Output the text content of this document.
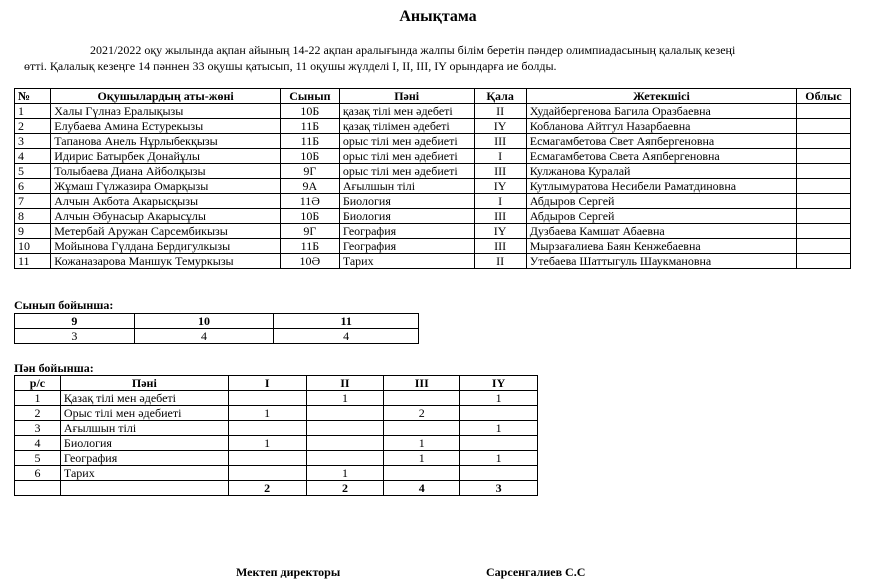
Анықтама
2021/2022 оқу жылында ақпан айының 14-22 ақпан аралығында жалпы білім беретін пәндер олимпиадасының қалалық кезеңі
өтті. Қалалық кезеңге 14 пәннен 33 оқушы қатысып, 11 оқушы жүлделі I, II, III, IY орындарға ие болды.
№	Оқушылардың аты-жөні	Сынып	Пәні	Қала	Жетекшісі	Облыс
1	Халы Гүлназ Ералықызы	10Б	қазақ тілі мен әдебеті	II	Худайбергенова Багила Оразбаевна	
2	Елубаева Амина Естурекызы	11Б	қазақ тілімен әдебеті	IY	Кобланова Айтгул Назарбаевна	
3	Тапанова Анель Нұрлыбекқызы	11Б	орыс тілі мен әдебиеті	III	Есмагамбетова Свет Аяпбергеновна	
4	Идирис Батырбек Донайұлы	10Б	орыс тілі мен әдебиеті	I	Есмагамбетова Света Аяпбергеновна	
5	Толыбаева Диана Айболқызы	9Г	орыс тілі мен әдебиеті	III	Кулжанова Куралай	
6	Жұмаш Гүлжазира Омарқызы	9А	Ағылшын тілі	IY	Кутлымуратова Несибели Раматдиновна	
7	Алчын Акбота Акарысқызы	11Ә	Биология	I	Абдыров Сергей	
8	Алчын Әбунасыр Акарысұлы	10Б	Биология	III	Абдыров Сергей	
9	Метербай Аружан Сарсембикызы	9Г	География	IY	Дузбаева Камшат Абаевна	
10	Мойынова Гүлдана Бердигулкызы	11Б	География	III	Мырзағалиева Баян Кенжебаевна	
11	Кожаназарова Маншук Темуркызы	10Ә	Тарих	II	Утебаева Шаттыгуль Шаукмановна	
Сынып бойынша:
9	10	11
3	4	4
Пән бойынша:
р/с	Пәні	I	II	III	IY
1	Қазақ тілі мен әдебеті		1		1
2	Орыс тілі мен әдебиеті	1		2	
3	Ағылшын тілі				1
4	Биология	1		1	
5	География			1	1
6	Тарих		1		
		2	2	4	3
Мектеп директоры	Сарсенгалиев С.С
